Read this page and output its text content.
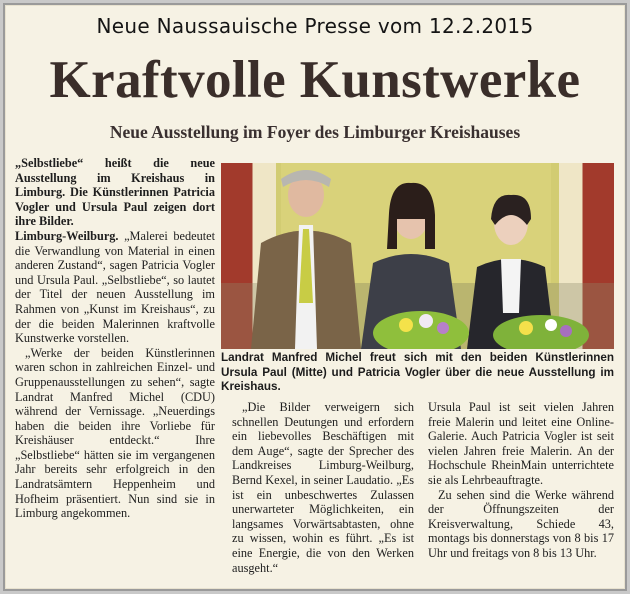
Neue Naussauische Presse vom 12.2.2015
Kraftvolle Kunstwerke
Neue Ausstellung im Foyer des Limburger Kreishauses

„Selbstliebe“ heißt die neue Ausstellung im Kreishaus in Limburg. Die Künstlerinnen Patricia Vogler und Ursula Paul zeigen dort ihre Bilder.

Limburg-Weilburg. „Malerei bedeutet die Verwandlung von Material in einen anderen Zustand“, sagen Patricia Vogler und Ursula Paul. „Selbstliebe“, so lautet der Titel der neuen Ausstellung im Rahmen von „Kunst im Kreishaus“, zu der die beiden Malerinnen kraftvolle Kunstwerke vorstellen.

„Werke der beiden Künstlerinnen waren schon in zahlreichen Einzel- und Gruppenausstellungen zu sehen“, sagte Landrat Manfred Michel (CDU) während der Vernissage. „Neuerdings haben die beiden ihre Vorliebe für Kreishäuser entdeckt.“ Ihre „Selbstliebe“ hätten sie im vergangenen Jahr bereits sehr erfolgreich in den Landratsämtern Heppenheim und Hofheim präsentiert. Nun sind sie in Limburg angekommen.

Landrat Manfred Michel freut sich mit den beiden Künstlerinnen Ursula Paul (Mitte) und Patricia Vogler über die neue Ausstellung im Kreishaus.

„Die Bilder verweigern sich schnellen Deutungen und erfordern ein liebevolles Beschäftigen mit dem Auge“, sagte der Sprecher des Landkreises Limburg-Weilburg, Bernd Kexel, in seiner Laudatio. „Es ist ein unbeschwertes Zulassen unerwarteter Möglichkeiten, ein langsames Vorwärtsabtasten, ohne zu wissen, wohin es führt. „Es ist eine Energie, die von den Werken ausgeht.“

Ursula Paul ist seit vielen Jahren freie Malerin und leitet eine Online-Galerie. Auch Patricia Vogler ist seit vielen Jahren freie Malerin. An der Hochschule RheinMain unterrichtete sie als Lehrbeauftragte.

Zu sehen sind die Werke während der Öffnungszeiten der Kreisverwaltung, Schiede 43, montags bis donnerstags von 8 bis 17 Uhr und freitags von 8 bis 13 Uhr.
